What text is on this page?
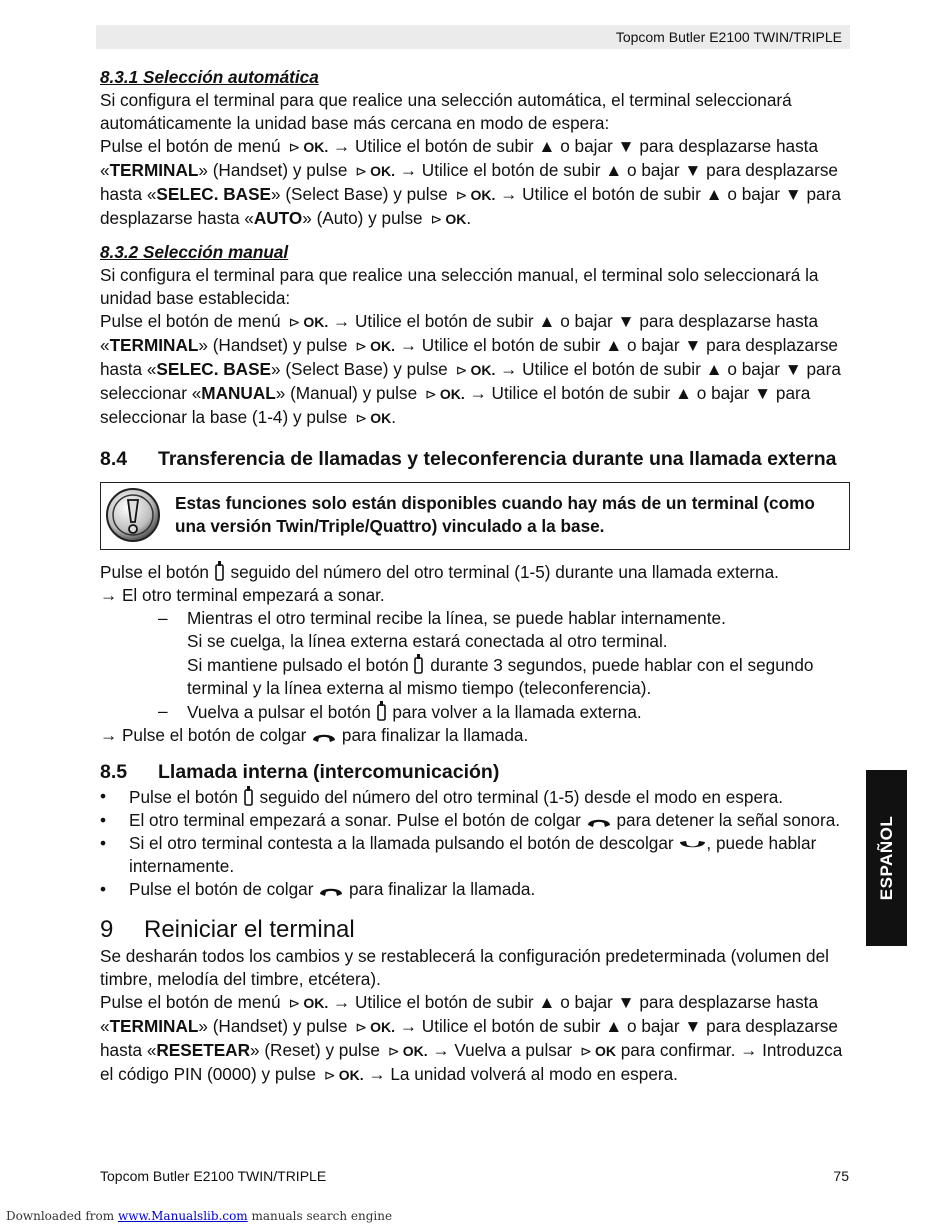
Topcom Butler E2100 TWIN/TRIPLE
8.3.1 Selección automática

Si configura el terminal para que realice una selección automática, el terminal seleccionará automáticamente la unidad base más cercana en modo de espera:

Pulse el botón de menú ⊳ OK. → Utilice el botón de subir ▲ o bajar ▼ para desplazarse hasta «TERMINAL» (Handset) y pulse ⊳ OK. → Utilice el botón de subir ▲ o bajar ▼ para desplazarse hasta «SELEC. BASE» (Select Base) y pulse ⊳ OK. → Utilice el botón de subir ▲ o bajar ▼ para desplazarse hasta «AUTO» (Auto) y pulse ⊳ OK.

8.3.2 Selección manual

Si configura el terminal para que realice una selección manual, el terminal solo seleccionará la unidad base establecida:

Pulse el botón de menú ⊳ OK. → Utilice el botón de subir ▲ o bajar ▼ para desplazarse hasta «TERMINAL» (Handset) y pulse ⊳ OK. → Utilice el botón de subir ▲ o bajar ▼ para desplazarse hasta «SELEC. BASE» (Select Base) y pulse ⊳ OK. → Utilice el botón de subir ▲ o bajar ▼ para seleccionar «MANUAL» (Manual) y pulse ⊳ OK. → Utilice el botón de subir ▲ o bajar ▼ para seleccionar la base (1-4) y pulse ⊳ OK.

8.4 Transferencia de llamadas y teleconferencia durante una llamada externa
Estas funciones solo están disponibles cuando hay más de un terminal (como una versión Twin/Triple/Quattro) vinculado a la base.

Pulse el botón  seguido del número del otro terminal (1-5) durante una llamada externa.

→ El otro terminal empezará a sonar.

– Mientras el otro terminal recibe la línea, se puede hablar internamente.
Si se cuelga, la línea externa estará conectada al otro terminal.
Si mantiene pulsado el botón  durante 3 segundos, puede hablar con el segundo terminal y la línea externa al mismo tiempo (teleconferencia).
– Vuelva a pulsar el botón  para volver a la llamada externa.

→ Pulse el botón de colgar  para finalizar la llamada.

8.5 Llamada interna (intercomunicación)
• Pulse el botón  seguido del número del otro terminal (1-5) desde el modo en espera.
• El otro terminal empezará a sonar. Pulse el botón de colgar  para detener la señal sonora.
• Si el otro terminal contesta a la llamada pulsando el botón de descolgar , puede hablar internamente.
• Pulse el botón de colgar  para finalizar la llamada.
9 Reiniciar el terminal

Se desharán todos los cambios y se restablecerá la configuración predeterminada (volumen del timbre, melodía del timbre, etcétera).

Pulse el botón de menú ⊳ OK. → Utilice el botón de subir ▲ o bajar ▼ para desplazarse hasta «TERMINAL» (Handset) y pulse ⊳ OK. → Utilice el botón de subir ▲ o bajar ▼ para desplazarse hasta «RESETEAR» (Reset) y pulse ⊳ OK. → Vuelva a pulsar ⊳ OK para confirmar. → Introduzca el código PIN (0000) y pulse ⊳ OK. → La unidad volverá al modo en espera.

ESPAÑOL
Topcom Butler E2100 TWIN/TRIPLE	75
Downloaded from www.Manualslib.com manuals search engine
